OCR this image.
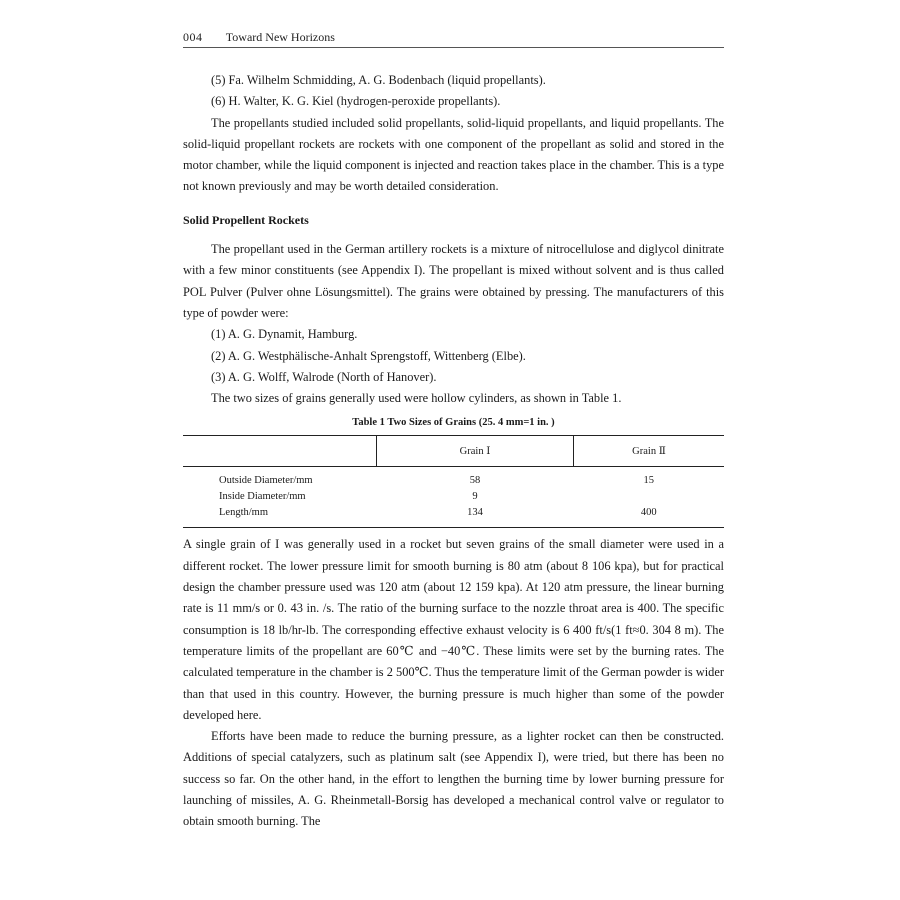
004 Toward New Horizons

(5) Fa. Wilhelm Schmidding, A. G. Bodenbach (liquid propellants).

(6) H. Walter, K. G. Kiel (hydrogen-peroxide propellants).

The propellants studied included solid propellants, solid-liquid propellants, and liquid propellants. The solid-liquid propellant rockets are rockets with one component of the propellant as solid and stored in the motor chamber, while the liquid component is injected and reaction takes place in the chamber. This is a type not known previously and may be worth detailed consideration.

Solid Propellent Rockets

The propellant used in the German artillery rockets is a mixture of nitrocellulose and diglycol dinitrate with a few minor constituents (see Appendix I). The propellant is mixed without solvent and is thus called POL Pulver (Pulver ohne Lösungsmittel). The grains were obtained by pressing. The manufacturers of this type of powder were:

(1) A. G. Dynamit, Hamburg.

(2) A. G. Westphälische-Anhalt Sprengstoff, Wittenberg (Elbe).

(3) A. G. Wolff, Walrode (North of Hanover).

The two sizes of grains generally used were hollow cylinders, as shown in Table 1.

Table 1 Two Sizes of Grains (25. 4 mm=1 in. )

	Grain Ⅰ	Grain Ⅱ
Outside Diameter/mm	58	15
Inside Diameter/mm	9	
Length/mm	134	400

A single grain of I was generally used in a rocket but seven grains of the small diameter were used in a different rocket. The lower pressure limit for smooth burning is 80 atm (about 8 106 kpa), but for practical design the chamber pressure used was 120 atm (about 12 159 kpa). At 120 atm pressure, the linear burning rate is 11 mm/s or 0. 43 in. /s. The ratio of the burning surface to the nozzle throat area is 400. The specific consumption is 18 lb/hr-lb. The corresponding effective exhaust velocity is 6 400 ft/s(1 ft≈0. 304 8 m). The temperature limits of the propellant are 60℃ and −40℃. These limits were set by the burning rates. The calculated temperature in the chamber is 2 500℃. Thus the temperature limit of the German powder is wider than that used in this country. However, the burning pressure is much higher than some of the powder developed here.

Efforts have been made to reduce the burning pressure, as a lighter rocket can then be constructed. Additions of special catalyzers, such as platinum salt (see Appendix I), were tried, but there has been no success so far. On the other hand, in the effort to lengthen the burning time by lower burning pressure for launching of missiles, A. G. Rheinmetall-Borsig has developed a mechanical control valve or regulator to obtain smooth burning. The
